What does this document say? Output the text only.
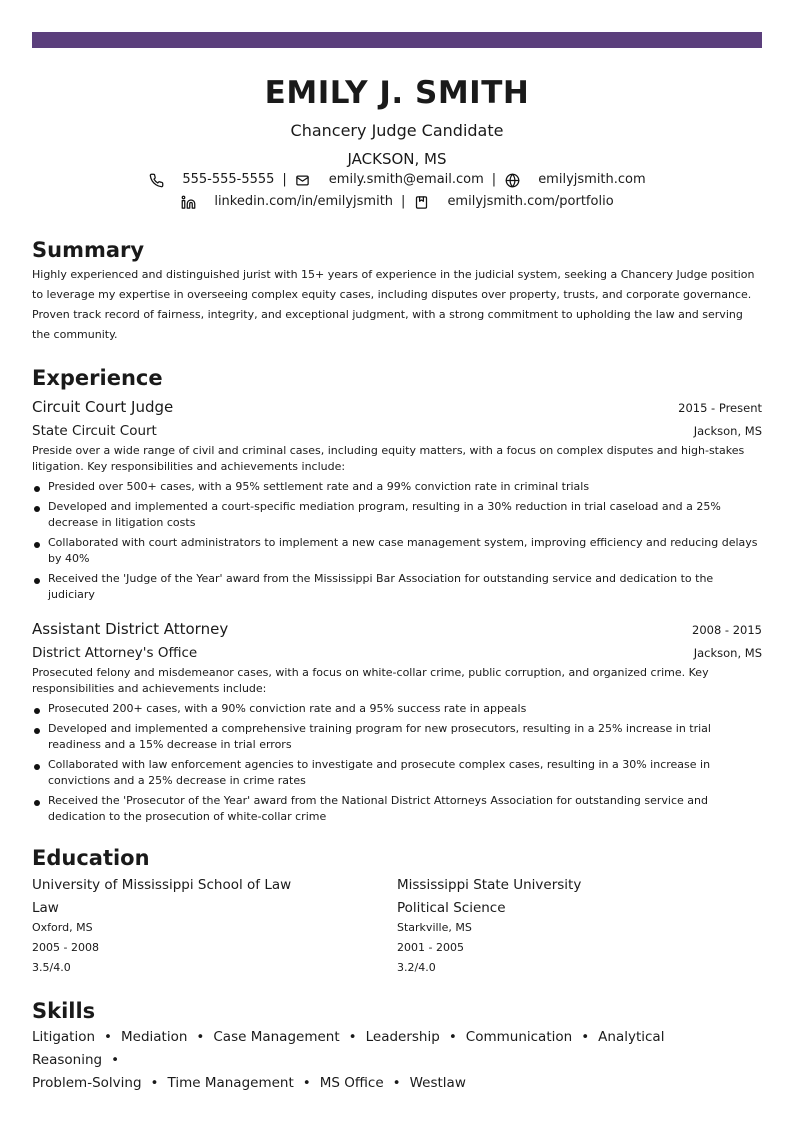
EMILY J. SMITH
Chancery Judge Candidate
JACKSON, MS
555-555-5555 |	emily.smith@email.com |	emilyjsmith.com
linkedin.com/in/emilyjsmith |	emilyjsmith.com/portfolio
Summary
Highly experienced and distinguished jurist with 15+ years of experience in the judicial system, seeking a Chancery Judge position to leverage my expertise in overseeing complex equity cases, including disputes over property, trusts, and corporate governance. Proven track record of fairness, integrity, and exceptional judgment, with a strong commitment to upholding the law and serving the community.
Experience
Circuit Court Judge	2015 - Present
State Circuit Court	Jackson, MS
Preside over a wide range of civil and criminal cases, including equity matters, with a focus on complex disputes and high-stakes litigation. Key responsibilities and achievements include:
Presided over 500+ cases, with a 95% settlement rate and a 99% conviction rate in criminal trials
Developed and implemented a court-specific mediation program, resulting in a 30% reduction in trial caseload and a 25% decrease in litigation costs
Collaborated with court administrators to implement a new case management system, improving efficiency and reducing delays by 40%
Received the 'Judge of the Year' award from the Mississippi Bar Association for outstanding service and dedication to the judiciary
Assistant District Attorney	2008 - 2015
District Attorney's Office	Jackson, MS
Prosecuted felony and misdemeanor cases, with a focus on white-collar crime, public corruption, and organized crime. Key responsibilities and achievements include:
Prosecuted 200+ cases, with a 90% conviction rate and a 95% success rate in appeals
Developed and implemented a comprehensive training program for new prosecutors, resulting in a 25% increase in trial readiness and a 15% decrease in trial errors
Collaborated with law enforcement agencies to investigate and prosecute complex cases, resulting in a 30% increase in convictions and a 25% decrease in crime rates
Received the 'Prosecutor of the Year' award from the National District Attorneys Association for outstanding service and dedication to the prosecution of white-collar crime
Education
University of Mississippi School of Law
Law
Oxford, MS
2005 - 2008
3.5/4.0
Mississippi State University
Political Science
Starkville, MS
2001 - 2005
3.2/4.0
Skills
Litigation • Mediation • Case Management • Leadership • Communication • Analytical Reasoning •
Problem-Solving • Time Management • MS Office • Westlaw
